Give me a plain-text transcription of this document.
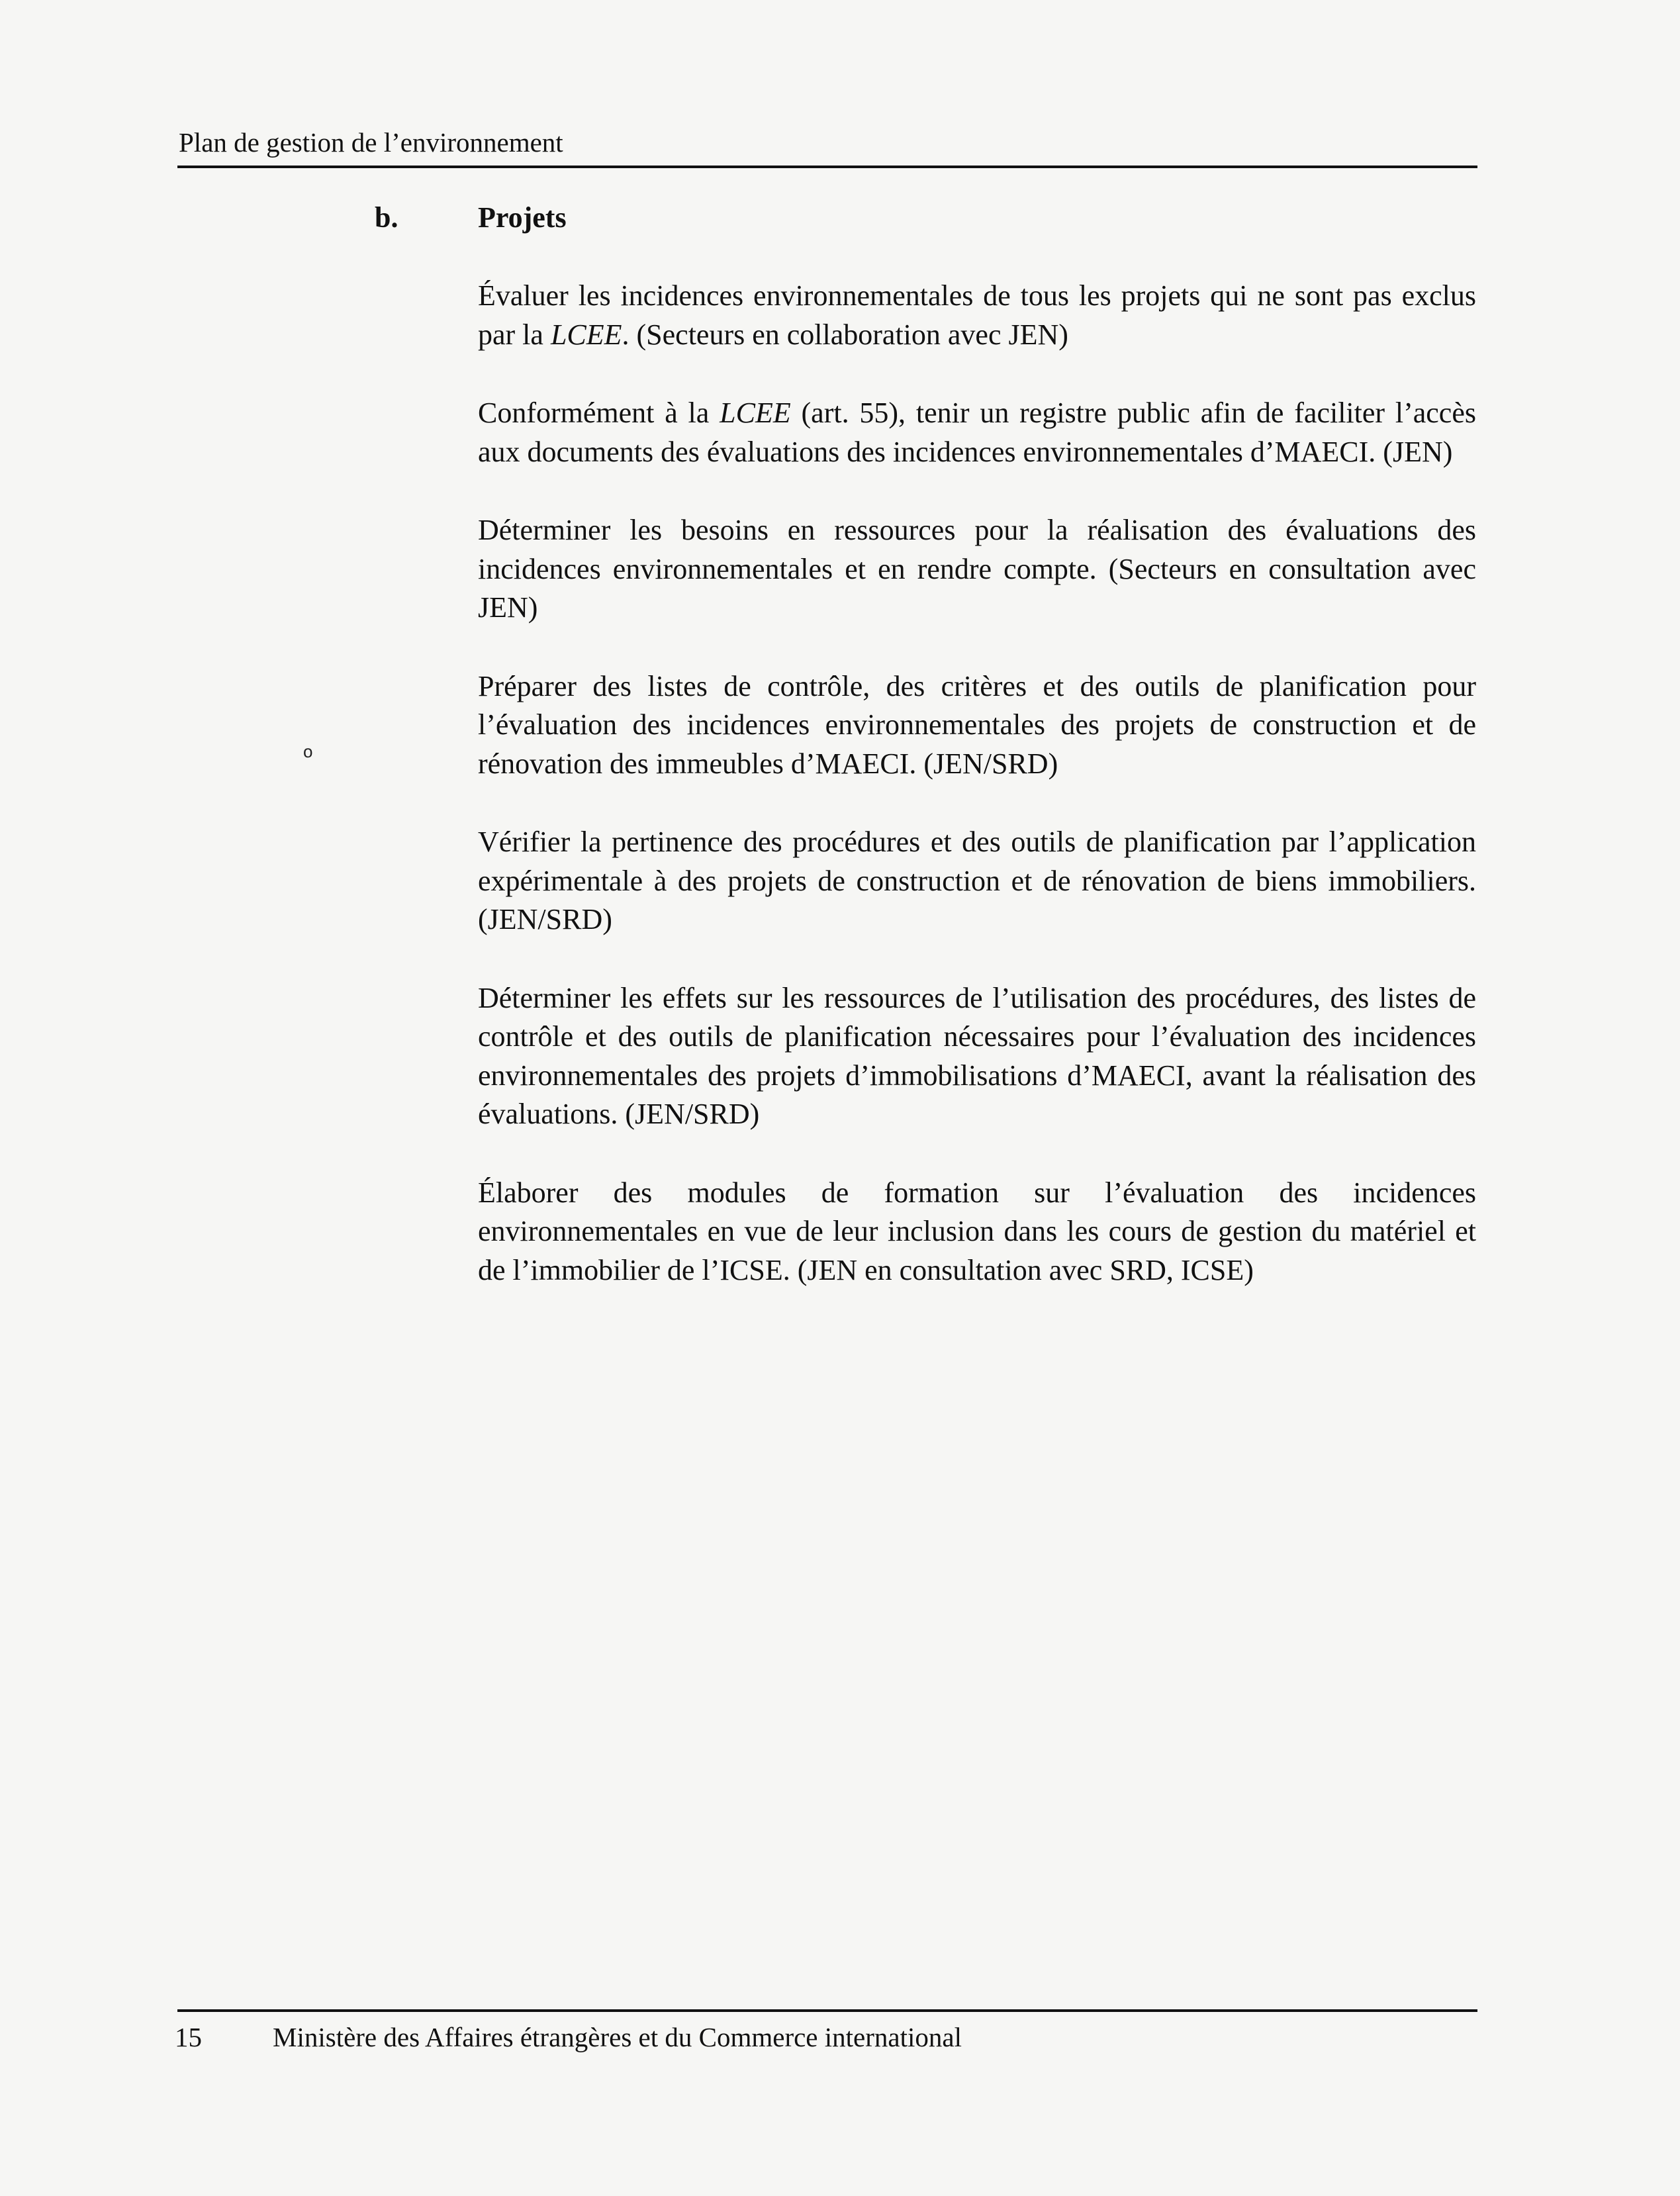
Plan de gestion de l’environnement
b.	Projets
o

Évaluer les incidences environnementales de tous les projets qui ne sont pas exclus par la LCEE. (Secteurs en collaboration avec JEN)

Conformément à la LCEE (art. 55), tenir un registre public afin de faciliter l’accès aux documents des évaluations des incidences environnementales d’MAECI. (JEN)

Déterminer les besoins en ressources pour la réalisation des évaluations des incidences environnementales et en rendre compte. (Secteurs en consultation avec JEN)

Préparer des listes de contrôle, des critères et des outils de planification pour l’évaluation des incidences environnementales des projets de construction et de rénovation des immeubles d’MAECI. (JEN/SRD)

Vérifier la pertinence des procédures et des outils de planification par l’application expérimentale à des projets de construction et de rénovation de biens immobiliers. (JEN/SRD)

Déterminer les effets sur les ressources de l’utilisation des procédures, des listes de contrôle et des outils de planification nécessaires pour l’évaluation des incidences environnementales des projets d’immobilisations d’MAECI, avant la réalisation des évaluations. (JEN/SRD)

Élaborer des modules de formation sur l’évaluation des incidences environnementales en vue de leur inclusion dans les cours de gestion du matériel et de l’immobilier de l’ICSE. (JEN en consultation avec SRD, ICSE)

15	Ministère des Affaires étrangères et du Commerce international
